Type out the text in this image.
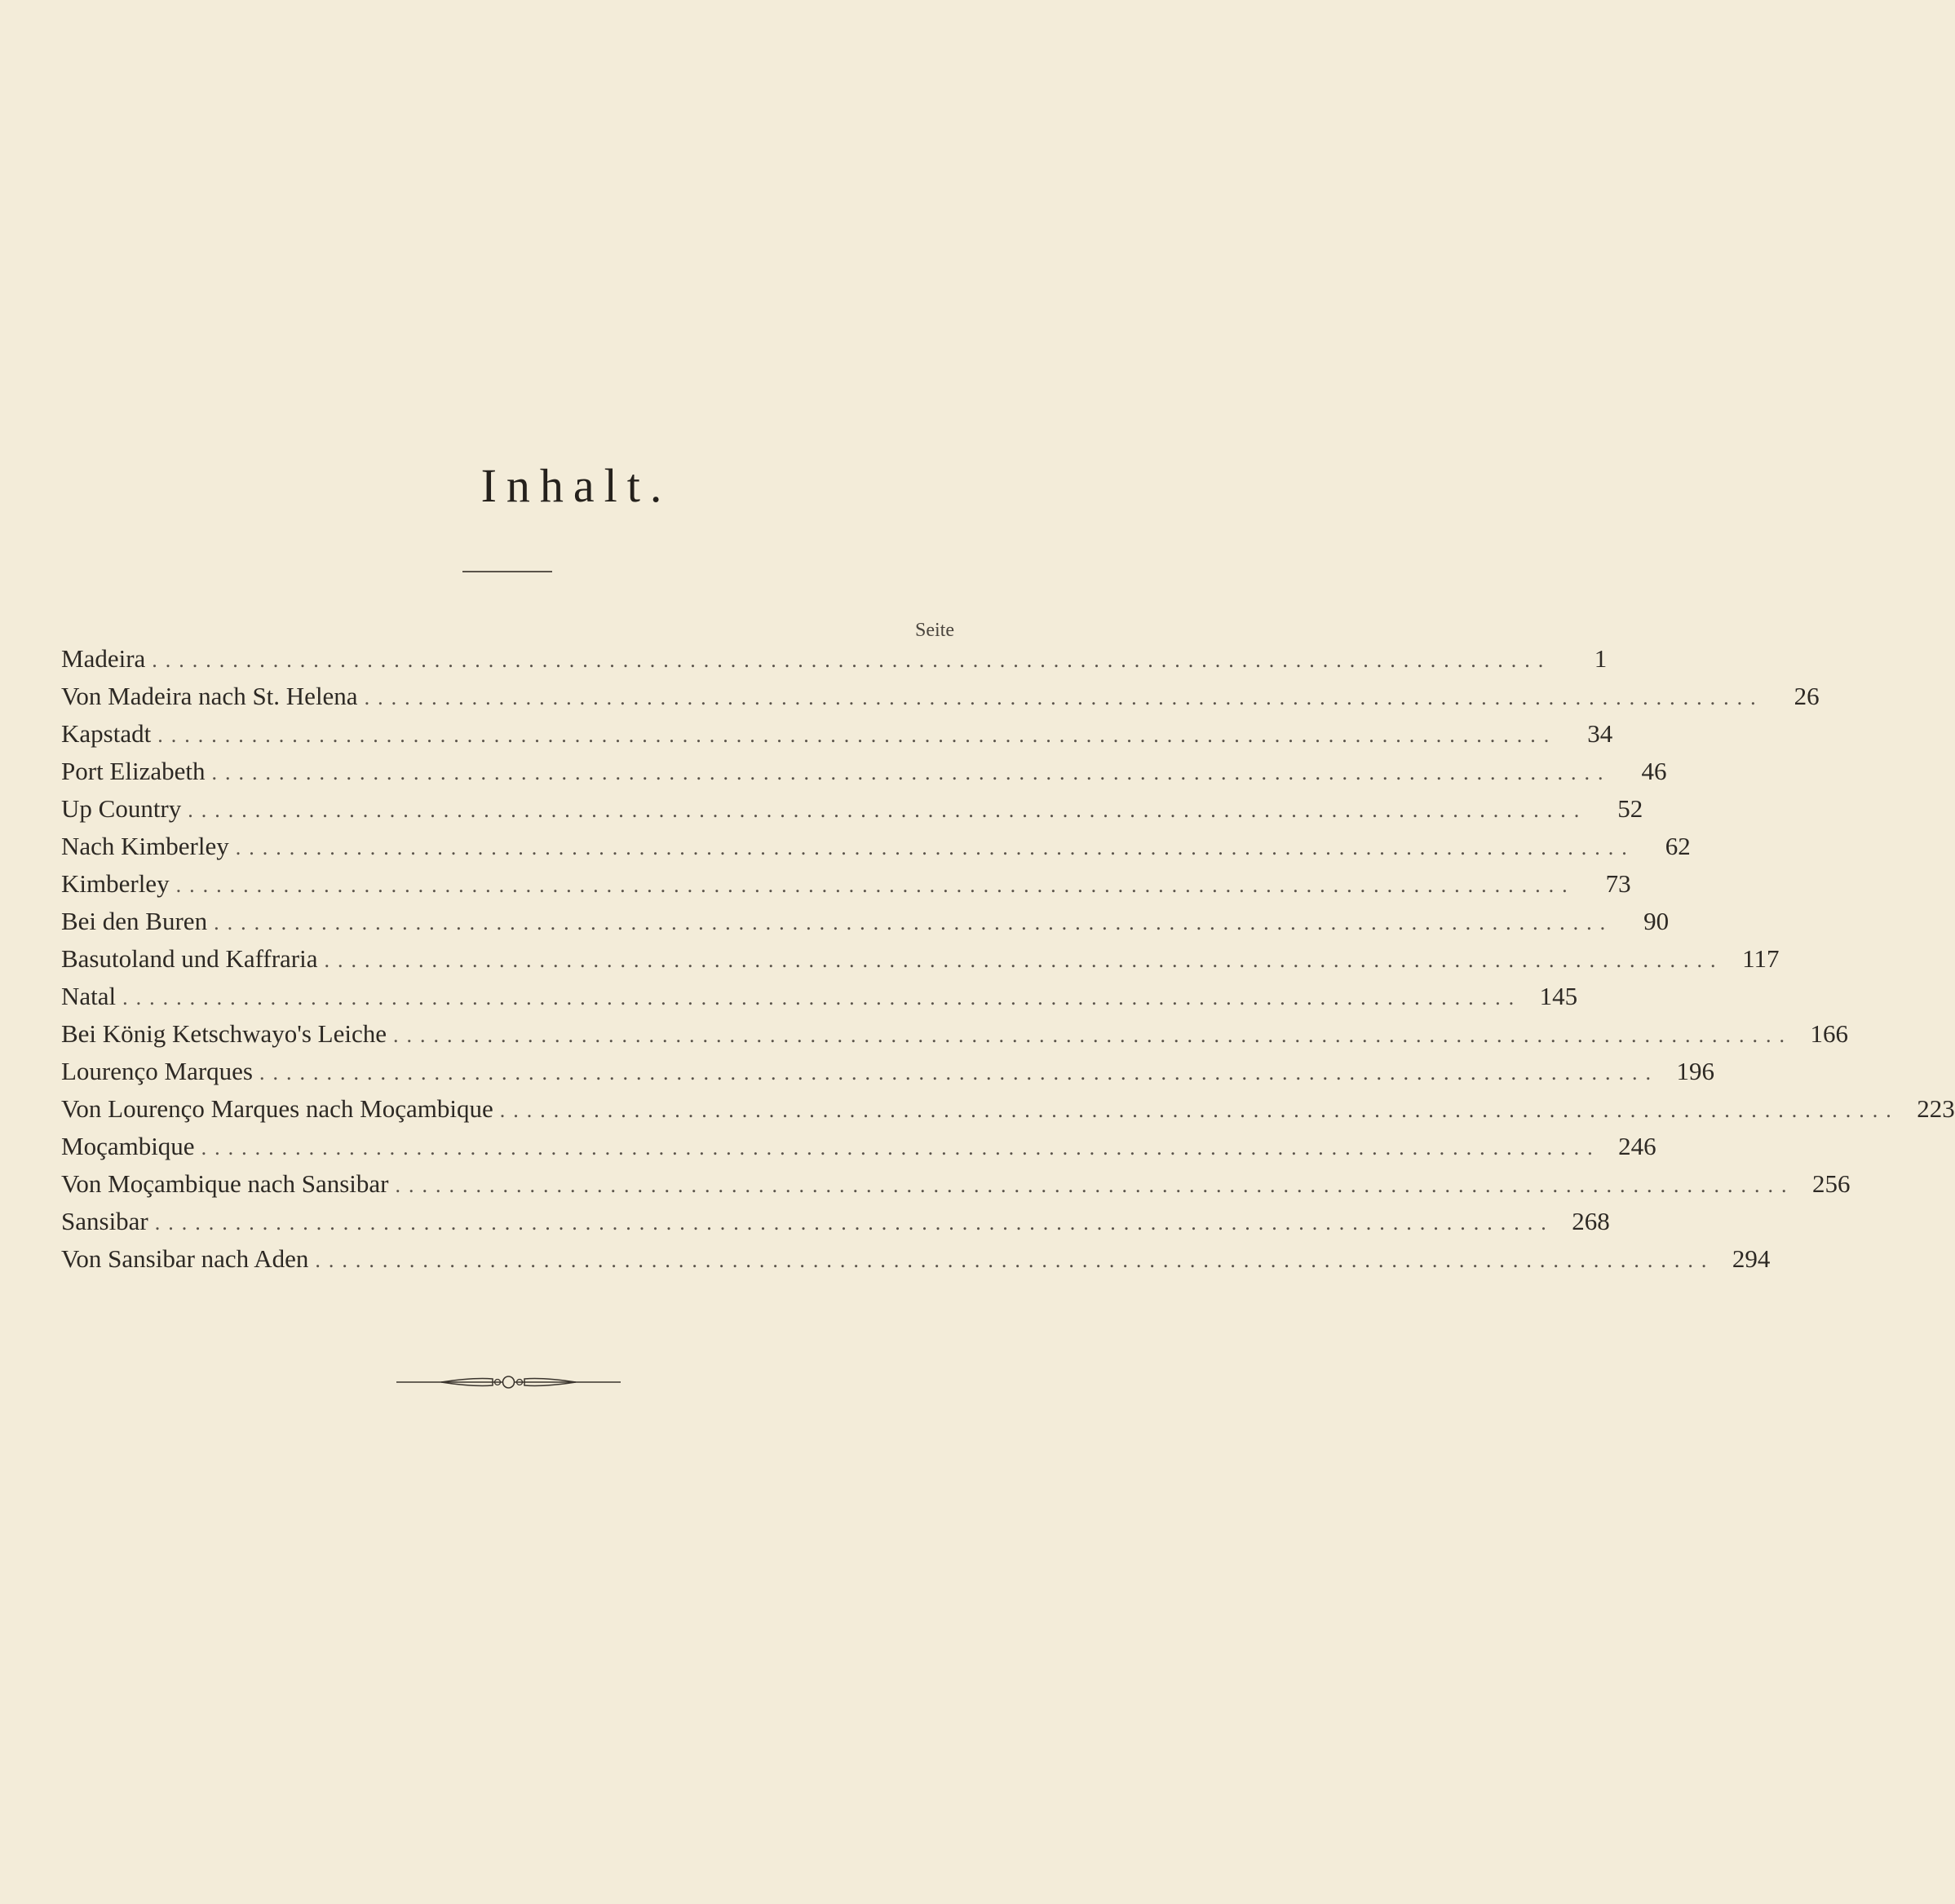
Inhalt.
Seite
Madeira ........................................................................................................	1
Von Madeira nach St. Helena ........................................................................................................	26
Kapstadt ........................................................................................................	34
Port Elizabeth ........................................................................................................	46
Up Country ........................................................................................................	52
Nach Kimberley ........................................................................................................	62
Kimberley ........................................................................................................	73
Bei den Buren ........................................................................................................	90
Basutoland und Kaffraria ........................................................................................................ 117
Natal ........................................................................................................ 145
Bei König Ketschwayo's Leiche ........................................................................................................ 166
Lourenço Marques ........................................................................................................ 196
Von Lourenço Marques nach Moçambique ........................................................................................................ 223
Moçambique ........................................................................................................ 246
Von Moçambique nach Sansibar ........................................................................................................ 256
Sansibar ........................................................................................................ 268
Von Sansibar nach Aden ........................................................................................................ 294
